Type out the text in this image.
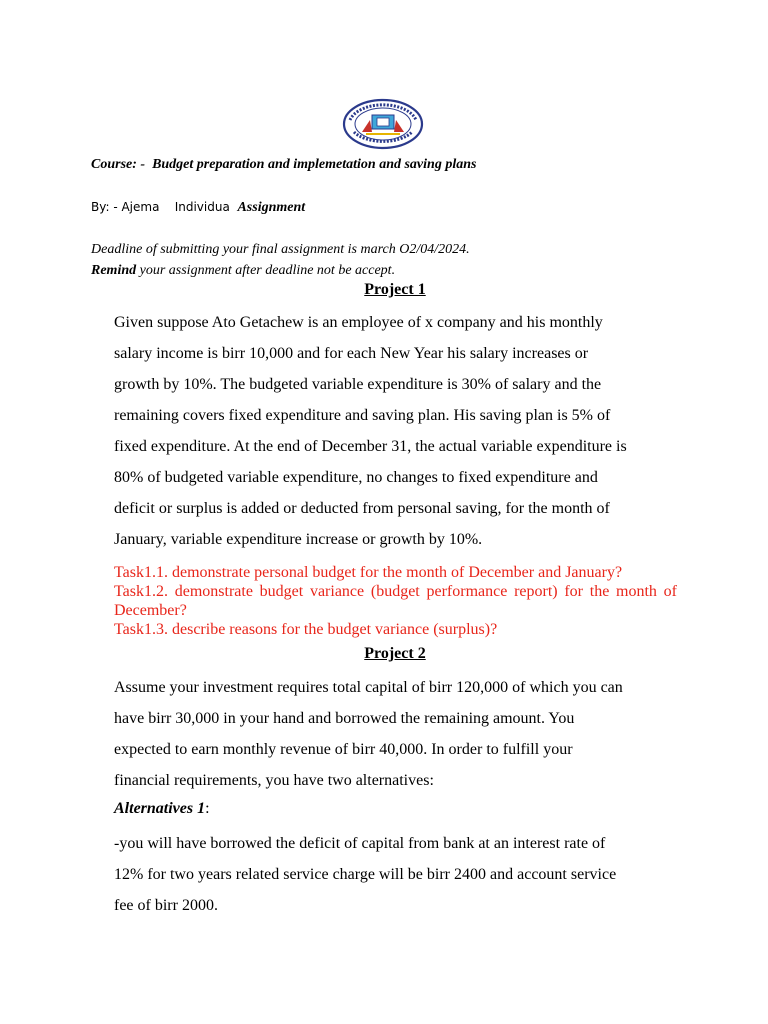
Course: - Budget preparation and implemetation and saving plans
By: - Ajema Individua Assignment
Deadline of submitting your final assignment is march O2/04/2024.
Remind your assignment after deadline not be accept.
Project 1
Given suppose Ato Getachew is an employee of x company and his monthly
salary income is birr 10,000 and for each New Year his salary increases or
growth by 10%. The budgeted variable expenditure is 30% of salary and the
remaining covers fixed expenditure and saving plan. His saving plan is 5% of
fixed expenditure. At the end of December 31, the actual variable expenditure is
80% of budgeted variable expenditure, no changes to fixed expenditure and
deficit or surplus is added or deducted from personal saving, for the month of
January, variable expenditure increase or growth by 10%.
Task1.1. demonstrate personal budget for the month of December and January?
Task1.2. demonstrate budget variance (budget performance report) for the month of December?
Task1.3. describe reasons for the budget variance (surplus)?
Project 2
Assume your investment requires total capital of birr 120,000 of which you can
have birr 30,000 in your hand and borrowed the remaining amount. You
expected to earn monthly revenue of birr 40,000. In order to fulfill your
financial requirements, you have two alternatives:
Alternatives 1:
-you will have borrowed the deficit of capital from bank at an interest rate of
12% for two years related service charge will be birr 2400 and account service
fee of birr 2000.
